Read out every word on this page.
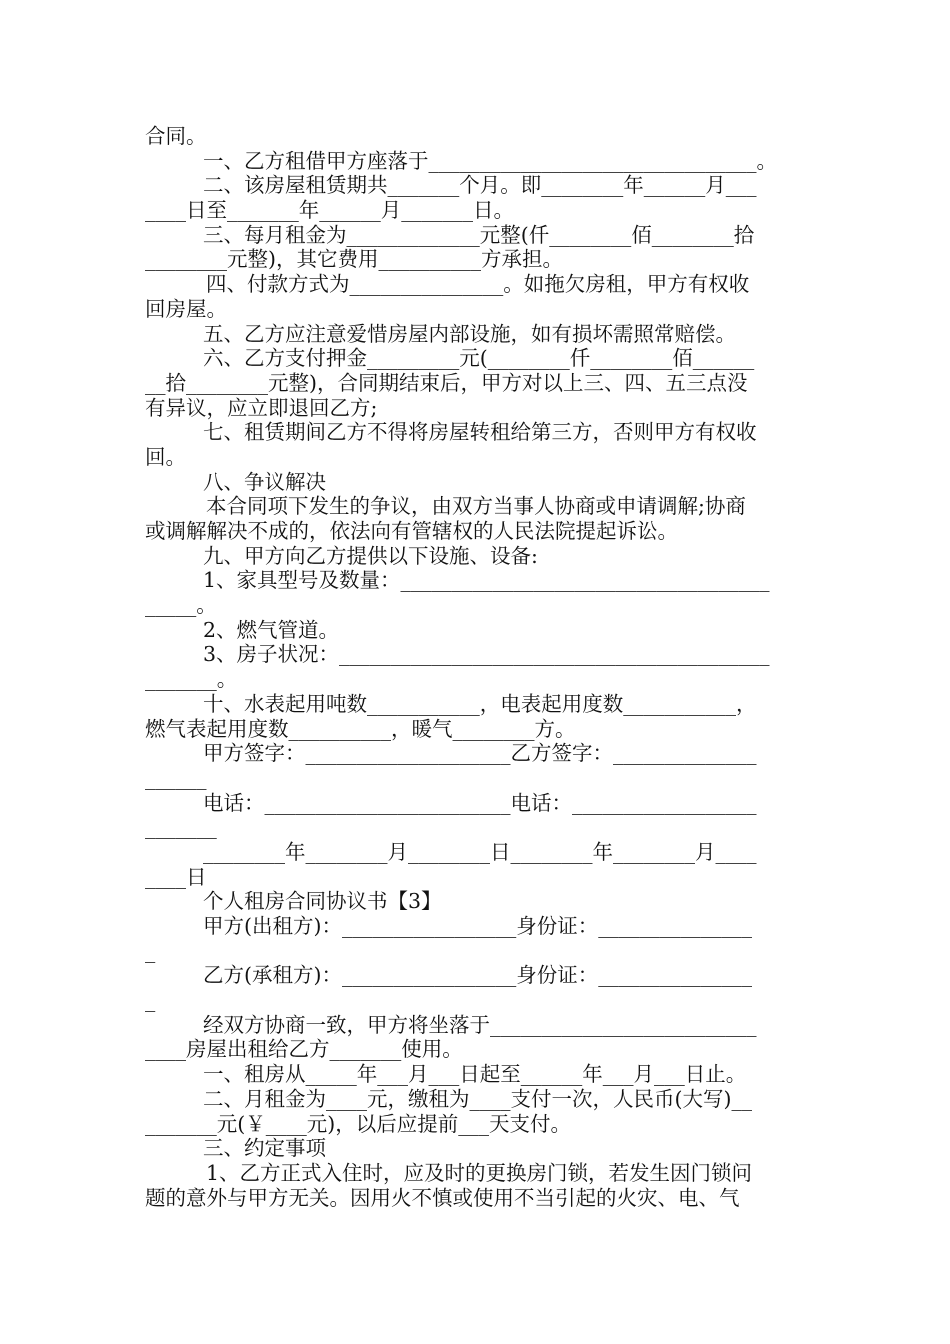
合同。
一、乙方租借甲方座落于________________________________。
二、该房屋租赁期共_______个月。即________年______月___
____日至_______年______月_______日。
三、每月租金为_____________元整(仟________佰________拾
________元整)，其它费用__________方承担。
四、付款方式为_______________。如拖欠房租，甲方有权收
回房屋。
五、乙方应注意爱惜房屋内部设施，如有损坏需照常赔偿。
六、乙方支付押金_________元(________仟________佰______
__拾________元整)，合同期结束后，甲方对以上三、四、五三点没
有异议，应立即退回乙方;
七、租赁期间乙方不得将房屋转租给第三方，否则甲方有权收
回。
八、争议解决
本合同项下发生的争议，由双方当事人协商或申请调解;协商
或调解解决不成的，依法向有管辖权的人民法院提起诉讼。
九、甲方向乙方提供以下设施、设备:
1、家具型号及数量：____________________________________
_____。
2、燃气管道。
3、房子状况：__________________________________________
_______。
十、水表起用吨数___________，电表起用度数___________，
燃气表起用度数__________，暖气________方。
甲方签字：____________________乙方签字：______________
______
电话：________________________电话：__________________
_______
________年________月________日________年________月____
____日
个人租房合同协议书【3】
甲方(出租方)：_________________身份证：_______________
_
乙方(承租方)：_________________身份证：_______________
_
经双方协商一致，甲方将坐落于__________________________
____房屋出租给乙方_______使用。
一、租房从_____年___月___日起至______年___月___日止。
二、月租金为____元，缴租为____支付一次，人民币(大写)__
_______元(￥____元)，以后应提前___天支付。
三、约定事项
1、乙方正式入住时，应及时的更换房门锁，若发生因门锁问
题的意外与甲方无关。因用火不慎或使用不当引起的火灾、电、气
